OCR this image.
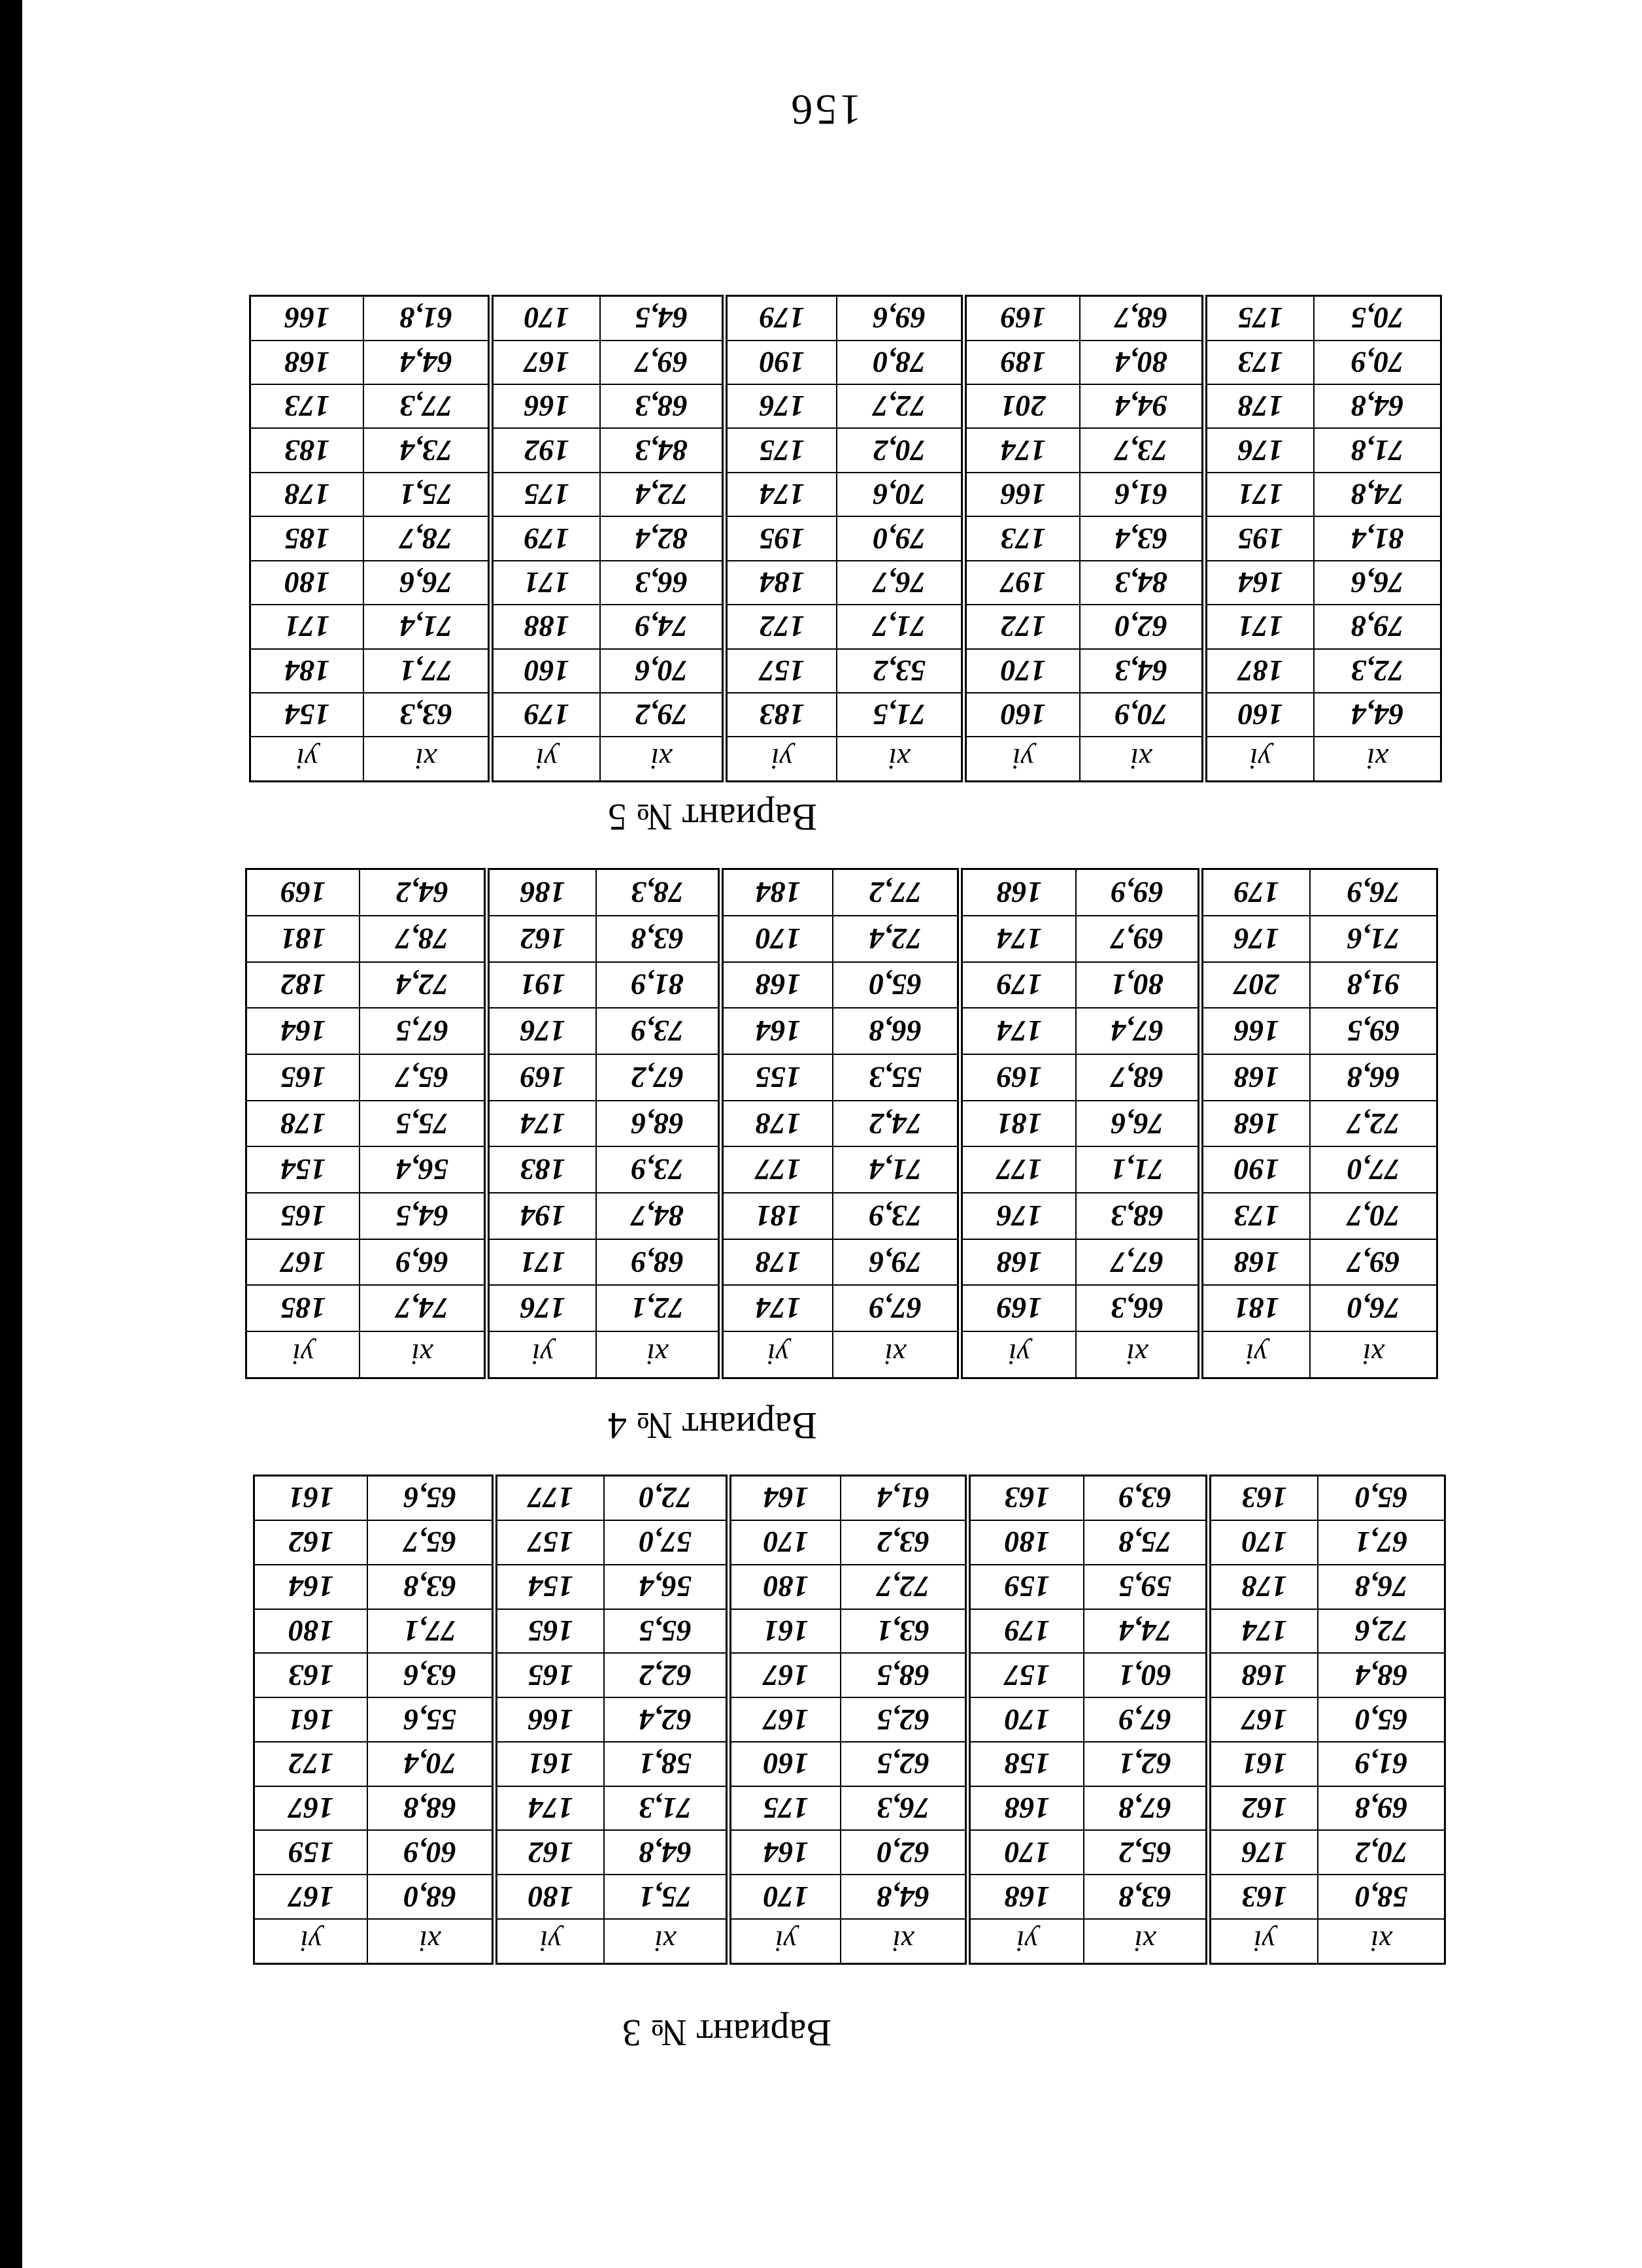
156
Вариант № 5
xi	yi	xi	yi	xi	yi	xi	yi	xi	yi
64,4	160	70,9	160	71,5	183	79,2	179	63,3	154
72,3	187	64,3	170	53,2	157	70,6	160	77,1	184
79,8	171	62,0	172	71,7	172	74,9	188	71,4	171
76,6	164	84,3	197	76,7	184	66,3	171	76,6	180
81,4	195	63,4	173	79,0	195	82,4	179	78,7	185
74,8	171	61,6	166	70,6	174	72,4	175	75,1	178
71,8	176	73,7	174	70,2	175	84,3	192	73,4	183
64,8	178	94,4	201	72,7	176	68,3	166	77,3	173
70,9	173	80,4	189	78,0	190	69,7	167	64,4	168
70,5	175	68,7	169	69,6	179	64,5	170	61,8	166
Вариант № 4
xi	yi	xi	yi	xi	yi	xi	yi	xi	yi
76,0	181	66,3	169	67,9	174	72,1	176	74,7	185
69,7	168	67,7	168	79,6	178	68,9	171	66,9	167
70,7	173	68,3	176	73,9	181	84,7	194	64,5	165
77,0	190	71,1	177	71,4	177	73,9	183	56,4	154
72,7	168	76,6	181	74,2	178	68,6	174	75,5	178
66,8	168	68,7	169	55,3	155	67,2	169	65,7	165
69,5	166	67,4	174	66,8	164	73,9	176	67,5	164
91,8	207	80,1	179	65,0	168	81,9	191	72,4	182
71,6	176	69,7	174	72,4	170	63,8	162	78,7	181
76,9	179	69,9	168	77,2	184	78,3	186	64,2	169
Вариант № 3
xi	yi	xi	yi	xi	yi	xi	yi	xi	yi
58,0	163	63,8	168	64,8	170	75,1	180	68,0	167
70,2	176	65,2	170	62,0	164	64,8	162	60,9	159
69,8	162	67,8	168	76,3	175	71,3	174	68,8	167
61,9	161	62,1	158	62,5	160	58,1	161	70,4	172
65,0	167	67,9	170	62,5	167	62,4	166	55,6	161
68,4	168	60,1	157	68,5	167	62,2	165	63,6	163
72,6	174	74,4	179	63,1	161	65,5	165	77,1	180
76,8	178	59,5	159	72,7	180	56,4	154	63,8	164
67,1	170	75,8	180	63,2	170	57,0	157	65,7	162
65,0	163	63,9	163	61,4	164	72,0	177	65,6	161
